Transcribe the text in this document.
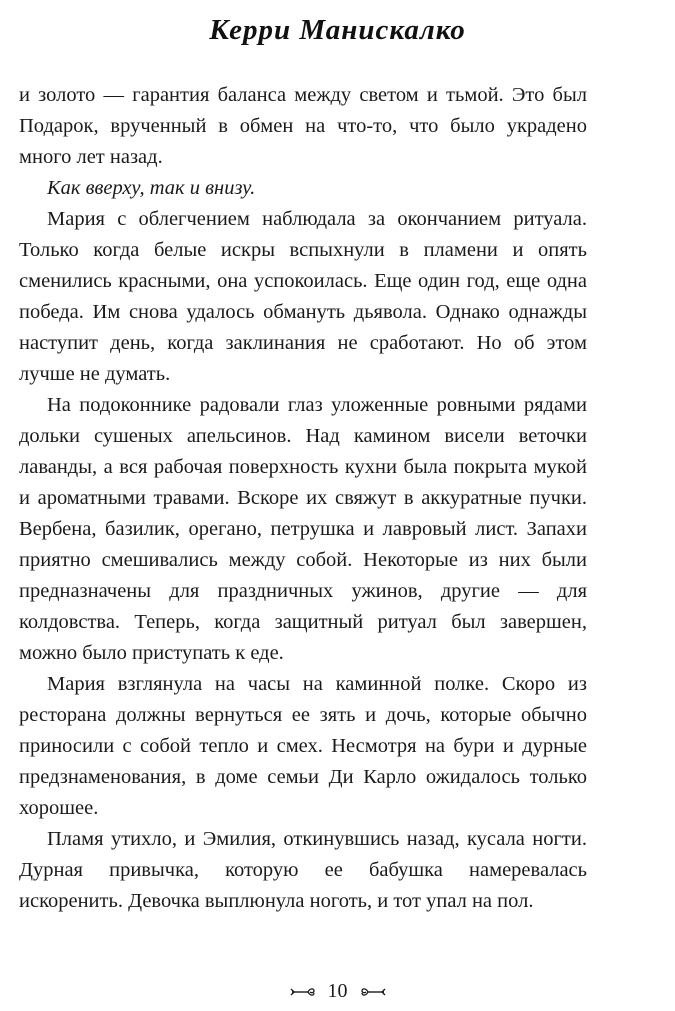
Керри Манискалко

и золото — гарантия баланса между светом и тьмой. Это был Подарок, врученный в обмен на что-то, что было украдено много лет назад.

Как вверху, так и внизу.

Мария с облегчением наблюдала за окончанием ритуала. Только когда белые искры вспыхнули в пламени и опять сменились красными, она успокоилась. Еще один год, еще одна победа. Им снова удалось обмануть дьявола. Однако однажды наступит день, когда заклинания не сработают. Но об этом лучше не думать.

На подоконнике радовали глаз уложенные ровными рядами дольки сушеных апельсинов. Над камином висели веточки лаванды, а вся рабочая поверхность кухни была покрыта мукой и ароматными травами. Вскоре их свяжут в аккуратные пучки. Вербена, базилик, орегано, петрушка и лавровый лист. Запахи приятно смешивались между собой. Некоторые из них были предназначены для праздничных ужинов, другие — для колдовства. Теперь, когда защитный ритуал был завершен, можно было приступать к еде.

Мария взглянула на часы на каминной полке. Скоро из ресторана должны вернуться ее зять и дочь, которые обычно приносили с собой тепло и смех. Несмотря на бури и дурные предзнаменования, в доме семьи Ди Карло ожидалось только хорошее.

Пламя утихло, и Эмилия, откинувшись назад, кусала ногти. Дурная привычка, которую ее бабушка намеревалась искоренить. Девочка выплюнула ноготь, и тот упал на пол.

10
